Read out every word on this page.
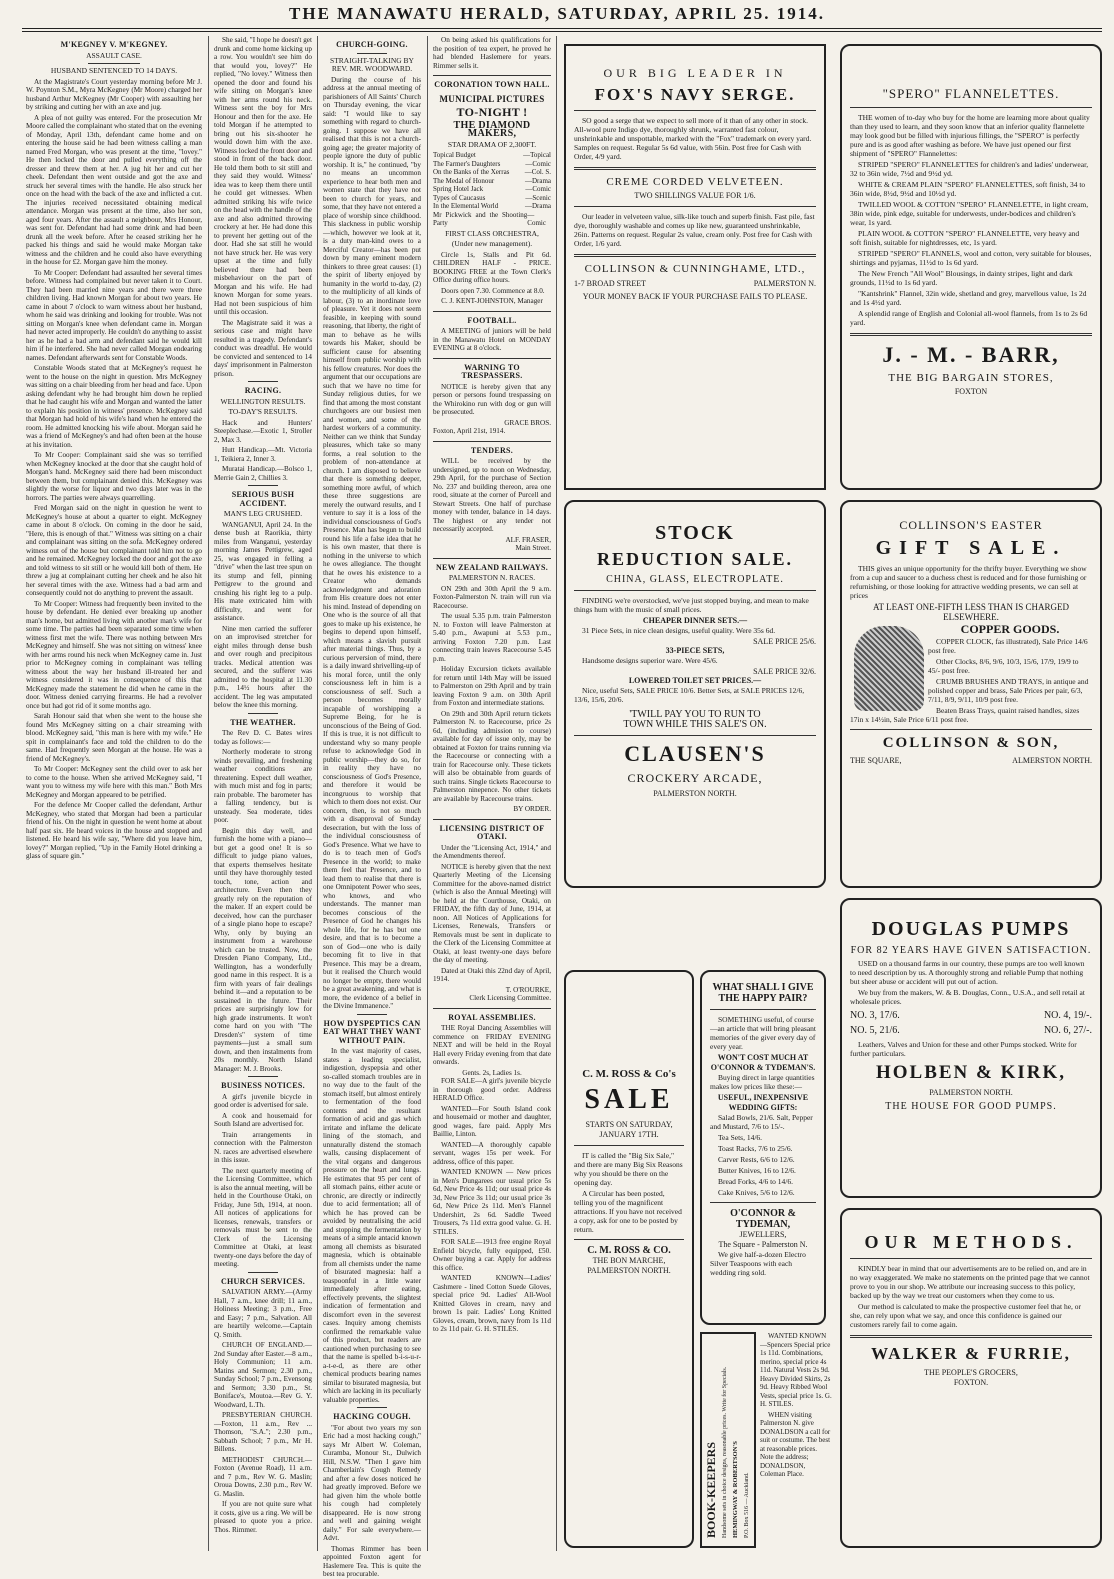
THE MANAWATU HERALD, SATURDAY, APRIL 25. 1914.
M'KEGNEY V. M'KEGNEY.
ASSAULT CASE.
HUSBAND SENTENCED TO 14 DAYS.

At the Magistrate's Court yesterday morning before Mr J. W. Poynton S.M., Myra McKegney (Mr Moore) charged her husband Arthur McKegney (Mr Cooper) with assaulting her by striking and cutting her with an axe and jug.

A plea of not guilty was entered. For the prosecution Mr Moore called the complainant who stated that on the evening of Monday, April 13th, defendant came home and on entering the house said he had been witness calling a man named Fred Morgan, who was present at the time, "lovey." He then locked the door and pulled everything off the dresser and threw them at her. A jug hit her and cut her cheek. Defendant then went outside and got the axe and struck her several times with the handle. He also struck her once on the head with the back of the axe and inflicted a cut. The injuries received necessitated obtaining medical attendance. Morgan was present at the time, also her son, aged four years. After the assault a neighbour, Mrs Honour, was sent for. Defendant had had some drink and had been drunk all the week before. After he ceased striking her he packed his things and said he would make Morgan take witness and the children and he could also have everything in the house for £2. Morgan gave him the money.

To Mr Cooper: Defendant had assaulted her several times before. Witness had complained but never taken it to Court. They had been married nine years and there were three children living. Had known Morgan for about two years. He came in about 7 o'clock to warn witness about her husband, whom he said was drinking and looking for trouble. Was not sitting on Morgan's knee when defendant came in. Morgan had never acted improperly. He couldn't do anything to assist her as he had a bad arm and defendant said he would kill him if he interfered. She had never called Morgan endearing names. Defendant afterwards sent for Constable Woods.

Constable Woods stated that at McKegney's request he went to the house on the night in question. Mrs McKegney was sitting on a chair bleeding from her head and face. Upon asking defendant why he had brought him down he replied that he had caught his wife and Morgan and wanted the latter to explain his position in witness' presence. McKegney said that Morgan had hold of his wife's hand when he entered the room. He admitted knocking his wife about. Morgan said he was a friend of McKegney's and had often been at the house at his invitation.

To Mr Cooper: Complainant said she was so terrified when McKegney knocked at the door that she caught hold of Morgan's hand. McKegney said there had been misconduct between them, but complainant denied this. McKegney was slightly the worse for liquor and two days later was in the horrors. The parties were always quarrelling.

Fred Morgan said on the night in question he went to McKegney's house at about a quarter to eight. McKegney came in about 8 o'clock. On coming in the door he said, "Here, this is enough of that." Witness was sitting on a chair and complainant was sitting on the sofa. McKegney ordered witness out of the house but complainant told him not to go and he remained. McKegney locked the door and got the axe and told witness to sit still or he would kill both of them. He threw a jug at complainant cutting her cheek and he also hit her several times with the axe. Witness had a bad arm and consequently could not do anything to prevent the assault.

To Mr Cooper: Witness had frequently been invited to the house by defendant. He denied ever breaking up another man's home, but admitted living with another man's wife for some time. The parties had been separated some time when witness first met the wife. There was nothing between Mrs McKegney and himself. She was not sitting on witness' knee with her arms round his neck when McKegney came in. Just prior to McKegney coming in complainant was telling witness about the way her husband ill-treated her and witness considered it was in consequence of this that McKegney made the statement he did when he came in the door. Witness denied carrying firearms. He had a revolver once but had got rid of it some months ago.

Sarah Honour said that when she went to the house she found Mrs McKegney sitting on a chair streaming with blood. McKegney said, "this man is here with my wife." He spit in complainant's face and told the children to do the same. Had frequently seen Morgan at the house. He was a friend of McKegney's.

To Mr Cooper: McKegney sent the child over to ask her to come to the house. When she arrived McKegney said, "I want you to witness my wife here with this man." Both Mrs McKegney and Morgan appeared to be petrified.

For the defence Mr Cooper called the defendant, Arthur McKegney, who stated that Morgan had been a particular friend of his. On the night in question he went home at about half past six. He heard voices in the house and stopped and listened. He heard his wife say, "Where did you leave him, lovey?" Morgan replied, "Up in the Family Hotel drinking a glass of square gin."

She said, "I hope he doesn't get drunk and come home kicking up a row. You wouldn't see him do that would you, lovey?" He replied, "No lovey." Witness then opened the door and found his wife sitting on Morgan's knee with her arms round his neck. Witness sent the boy for Mrs Honour and then for the axe. He told Morgan if he attempted to bring out his six-shooter he would down him with the axe. Witness locked the front door and stood in front of the back door. He told them both to sit still and they said they would. Witness' idea was to keep them there until he could get witnesses. When admitted striking his wife twice on the head with the handle of the axe and also admitted throwing crockery at her. He had done this to prevent her getting out of the door. Had she sat still he would not have struck her. He was very upset at the time and fully believed there had been misbehaviour on the part of Morgan and his wife. He had known Morgan for some years. Had not been suspicious of him until this occasion.

The Magistrate said it was a serious case and might have resulted in a tragedy. Defendant's conduct was dreadful. He would be convicted and sentenced to 14 days' imprisonment in Palmerston prison.

RACING.
WELLINGTON RESULTS.
TO-DAY'S RESULTS.

Hack and Hunters' Steeplechase.—Exotic 1, Stroller 2, Max 3.

Hutt Handicap.—Mt. Victoria 1, Teikiera 2, Inner 3.

Muratai Handicap.—Bolsco 1, Merrie Gain 2, Chillies 3.

SERIOUS BUSH ACCIDENT.
MAN'S LEG CRUSHED.

WANGANUI, April 24. In the dense bush at Raorikia, thirty miles from Wanganui, yesterday morning James Pettigrew, aged 25, was engaged in felling a "drive" when the last tree spun on its stump and fell, pinning Pettigrew to the ground and crushing his right leg to a pulp. His mate extricated him with difficulty, and went for assistance.

Nine men carried the sufferer on an improvised stretcher for eight miles through dense bush and over rough and precipitous tracks. Medical attention was secured, and the sufferer was admitted to the hospital at 11.30 p.m., 14½ hours after the accident. The leg was amputated below the knee this morning.

THE WEATHER.

The Rev D. C. Bates wires today as follows:—

Northerly moderate to strong winds prevailing, and freshening weather conditions are threatening. Expect dull weather, with much mist and fog in parts; rain probable. The barometer has a falling tendency, but is unsteady. Sea moderate, tides poor.

Begin this day well, and furnish the home with a piano—but get a good one! It is so difficult to judge piano values, that experts themselves hesitate until they have thoroughly tested touch, tone, action and architecture. Even then they greatly rely on the reputation of the maker. If an expert could be deceived, how can the purchaser of a single piano hope to escape? Why, only by buying an instrument from a warehouse which can be trusted. Now, the Dresden Piano Company, Ltd., Wellington, has a wonderfully good name in this respect. It is a firm with years of fair dealings behind it—and a reputation to be sustained in the future. Their prices are surprisingly low for high grade instruments. It won't come hard on you with "The Dresden's" system of time payments—just a small sum down, and then instalments from 20s monthly. North Island Manager: M. J. Brooks.

BUSINESS NOTICES.

A girl's juvenile bicycle in good order is advertised for sale.

A cook and housemaid for South Island are advertised for.

Train arrangements in connection with the Palmerston N. races are advertised elsewhere in this issue.

The next quarterly meeting of the Licensing Committee, which is also the annual meeting, will be held in the Courthouse Otaki, on Friday, June 5th, 1914, at noon. All notices of applications for licenses, renewals, transfers or removals must be sent to the Clerk of the Licensing Committee at Otaki, at least twenty-one days before the day of meeting.

CHURCH SERVICES.

SALVATION ARMY.—(Army Hall, 7 a.m., knee drill; 11 a.m., Holiness Meeting; 3 p.m., Free and Easy; 7 p.m., Salvation. All are heartily welcome.—Captain Q. Smith.

CHURCH OF ENGLAND.—2nd Sunday after Easter.—8 a.m., Holy Communion; 11 a.m. Matins and Sermon; 2.30 p.m., Sunday School; 7 p.m., Evensong and Sermon; 3.30 p.m., St. Boniface's, Moutoa.—Rev G. Y. Woodward, L.Th.

PRESBYTERIAN CHURCH.—Foxton, 11 a.m., Rev ... Thomson, "S.A."; 2.30 p.m., Sabbath School; 7 p.m., Mr H. Billens.

METHODIST CHURCH.—Foxton (Avenue Road), 11 a.m. and 7 p.m., Rev W. G. Maslin; Oroua Downs, 2.30 p.m., Rev W. G. Maslin.

If you are not quite sure what it costs, give us a ring. We will be pleased to quote you a price. Thos. Rimmer.

CHURCH-GOING.
STRAIGHT-TALKING BY REV. MR. WOODWARD.

During the course of his address at the annual meeting of parishioners of All Saints' Church on Thursday evening, the vicar said: "I would like to say something with regard to church-going. I suppose we have all realised that this is not a church-going age; the greater majority of people ignore the duty of public worship. It is," he continued, "by no means an uncommon experience to hear both men and women state that they have not been to church for years, and some, that they have not entered a place of worship since childhood. This slackness in public worship—which, however we look at it, is a duty man-kind owes to a Merciful Creator—has been put down by many eminent modern thinkers to three great causes: (1) the spirit of liberty enjoyed by humanity in the world to-day, (2) to the multiplicity of all kinds of labour, (3) to an inordinate love of pleasure. Yet it does not seem feasible, in keeping with sound reasoning, that liberty, the right of man to behave as he wills towards his Maker, should be sufficient cause for absenting himself from public worship with his fellow creatures. Nor does the argument that our occupations are such that we have no time for Sunday religious duties, for we find that among the most constant churchgoers are our busiest men and women, and some of the hardest workers of a community. Neither can we think that Sunday pleasures, which take so many forms, a real solution to the problem of non-attendance at church. I am disposed to believe that there is something deeper, something more awful, of which these three suggestions are merely the outward results, and I venture to say it is a loss of the individual consciousness of God's Presence. Man has begun to build round his life a false idea that he is his own master, that there is nothing in the universe to which he owes allegiance. The thought that he owes his existence to a Creator who demands acknowledgment and adoration from His creature does not enter his mind. Instead of depending on One who is the source of all that goes to make up his existence, he begins to depend upon himself, which means a slavish pursuit after material things. Thus, by a curious perversion of mind, there is a daily inward shrivelling-up of his moral force, until the only consciousness left in him is a consciousness of self. Such a person becomes morally incapable of worshipping a Supreme Being, for he is unconscious of the Being of God. If this is true, it is not difficult to understand why so many people refuse to acknowledge God in public worship—they do so, for in reality they have no consciousness of God's Presence, and therefore it would be incongruous to worship that which to them does not exist. Our concern, then, is not so much with a disapproval of Sunday desecration, but with the loss of the individual consciousness of God's Presence. What we have to do is to teach men of God's Presence in the world; to make them feel that Presence, and to lead them to realise that there is one Omnipotent Power who sees, who knows, and who understands. The manner man becomes conscious of the Presence of God he changes his whole life, for he has but one desire, and that is to become a son of God—one who is daily becoming fit to live in that Presence. This may be a dream, but it realised the Church would no longer be empty, there would be a great awakening, and what is more, the evidence of a belief in the Divine Immanence."

HOW DYSPEPTICS CAN EAT WHAT THEY WANT WITHOUT PAIN.

In the vast majority of cases, states a leading specialist, indigestion, dyspepsia and other so-called stomach troubles are in no way due to the fault of the stomach itself, but almost entirely to fermentation of the food contents and the resultant formation of acid and gas which irritate and inflame the delicate lining of the stomach, and unnaturally distend the stomach walls, causing displacement of the vital organs and dangerous pressure on the heart and lungs. He estimates that 95 per cent of all stomach pains, either acute or chronic, are directly or indirectly due to acid fermentation; all of which he has proved can be avoided by neutralising the acid and stopping the fermentation by means of a simple antacid known among all chemists as bisurated magnesia, which is obtainable from all chemists under the name of bisurated magnesia: half a teaspoonful in a little water immediately after eating, effectively prevents, the slightest indication of fermentation and discomfort even in the severest cases. Inquiry among chemists confirmed the remarkable value of this product, but readers are cautioned when purchasing to see that the name is spelled b-i-s-u-r-a-t-e-d, as there are other chemical products bearing names similar to bisurated magnesia, but which are lacking in its peculiarly valuable properties.

HACKING COUGH.

"For about two years my son Eric had a most hacking cough," says Mr Albert W. Coleman, Curamba, Monour St., Dulwich Hill, N.S.W. "Then I gave him Chamberlain's Cough Remedy and after a few doses noticed he had greatly improved. Before we had given him the whole bottle his cough had completely disappeared. He is now strong and well and gaining weight daily." For sale everywhere.—Advt.

Thomas Rimmer has been appointed Foxton agent for Haslemere Tea. This is quite the best tea procurable.

On being asked his qualifications for the position of tea expert, he proved he had blended Haslemere for years. Rimmer sells it.

CORONATION TOWN HALL.
MUNICIPAL PICTURES
TO-NIGHT !
THE DIAMOND MAKERS,
STAR DRAMA OF 2,300FT.
Topical Budget	—Topical
The Farmer's Daughters	—Comic
On the Banks of the Xerras —Col. S.
The Medal of Honour	—Drama
Spring Hotel Jack	—Comic
Types of Caucasus	—Scenic
In the Elemental World	—Drama
Mr Pickwick and the Shooting Party
—Comic
FIRST CLASS ORCHESTRA,
(Under new management).

Circle 1s, Stalls and Pit 6d. CHILDREN HALF - PRICE. BOOKING FREE at the Town Clerk's Office during office hours.

Doors open 7.30. Commence at 8.0.

C. J. KENT-JOHNSTON, Manager
FOOTBALL.

A MEETING of juniors will be held in the Manawatu Hotel on MONDAY EVENING at 8 o'clock.

WARNING TO TRESPASSERS.

NOTICE is hereby given that any person or persons found trespassing on the Whirokino run with dog or gun will be prosecuted.

GRACE BROS.
Foxton, April 21st, 1914.
TENDERS.

WILL be received by the undersigned, up to noon on Wednesday, 29th April, for the purchase of Section No. 237 and building thereon, area one rood, situate at the corner of Purcell and Stewart Streets. One half of purchase money with tender, balance in 14 days. The highest or any tender not necessarily accepted.

ALF. FRASER,
Main Street.
NEW ZEALAND RAILWAYS.
PALMERSTON N. RACES.

ON 29th and 30th April the 9 a.m. Foxton-Palmerston N. train will run via Racecourse.

The usual 5.35 p.m. train Palmerston N. to Foxton will leave Palmerston at 5.40 p.m., Awapuni at 5.53 p.m., arriving Foxton 7.20 p.m. Last connecting train leaves Racecourse 5.45 p.m.

Holiday Excursion tickets available for return until 14th May will be issued to Palmerston on 29th April and by train leaving Foxton 9 a.m. on 30th April from Foxton and intermediate stations.

On 29th and 30th April return tickets Palmerston N. to Racecourse, price 2s 6d, (including admission to course) available for day of issue only, may be obtained at Foxton for trains running via the Racecourse or connecting with a train for Racecourse only. These tickets will also be obtainable from guards of such trains. Single tickets Racecourse to Palmerston ninepence. No other tickets are available by Racecourse trains.

BY ORDER.
LICENSING DISTRICT OF OTAKI.

Under the "Licensing Act, 1914," and the Amendments thereof.

NOTICE is hereby given that the next Quarterly Meeting of the Licensing Committee for the above-named district (which is also the Annual Meeting) will be held at the Courthouse, Otaki, on FRIDAY, the fifth day of June, 1914, at noon. All Notices of Applications for Licenses, Renewals, Transfers or Removals must be sent in duplicate to the Clerk of the Licensing Committee at Otaki, at least twenty-one days before the day of meeting.

Dated at Otaki this 22nd day of April, 1914.

T. O'ROURKE,
Clerk Licensing Committee.
ROYAL ASSEMBLIES.

THE Royal Dancing Assemblies will commence on FRIDAY EVENING NEXT and will be held in the Royal Hall every Friday evening from that date onwards.

Gents. 2s, Ladies 1s.

FOR SALE—A girl's juvenile bicycle in thorough good order. Address HERALD Office.

WANTED—For South Island cook and housemaid or mother and daughter, good wages, fare paid. Apply Mrs Baillie, Linton.

WANTED—A thoroughly capable servant, wages 15s per week. For address, office of this paper.

WANTED KNOWN — New prices in Men's Dungarees our usual price 5s 6d, New Price 4s 11d; our usual price 4s 3d, New Price 3s 11d; our usual price 3s 6d, New Price 2s 11d. Men's Flannel Undershirt, 2s 6d. Saddle Tweed Trousers, 7s 11d extra good value. G. H. STILES.

FOR SALE—1913 free engine Royal Enfield bicycle, fully equipped, £50. Owner buying a car. Apply for address this office.

WANTED KNOWN—Ladies' Cashmere - lined Cotton Suede Gloves, special price 9d. Ladies' All-Wool Knitted Gloves in cream, navy and brown 1s pair. Ladies' Long Knitted Gloves, cream, brown, navy from 1s 11d to 2s 11d pair. G. H. STILES.

OUR BIG LEADER IN
FOX'S NAVY SERGE.

SO good a serge that we expect to sell more of it than of any other in stock. All-wool pure Indigo dye, thoroughly shrunk, warranted fast colour, unshrinkable and unspottable, marked with the "Fox" trademark on every yard. Samples on request. Regular 5s 6d value, with 56in. Post free for Cash with Order, 4/9 yard.

CREME CORDED VELVETEEN.
TWO SHILLINGS VALUE FOR 1/6.

Our leader in velveteen value, silk-like touch and superb finish. Fast pile, fast dye, thoroughly washable and comes up like new, guaranteed unshrinkable, 26in. Patterns on request. Regular 2s value, cream only. Post free for Cash with Order, 1/6 yard.

COLLINSON & CUNNINGHAME, LTD.,
1-7 BROAD STREET	PALMERSTON N.
YOUR MONEY BACK IF YOUR PURCHASE FAILS TO PLEASE.
"SPERO" FLANNELETTES.

THE women of to-day who buy for the home are learning more about quality than they used to learn, and they soon know that an inferior quality flannelette may look good but be filled with injurious fillings, the "SPERO" is perfectly pure and is as good after washing as before. We have just opened our first shipment of "SPERO" Flannelettes:

STRIPED "SPERO" FLANNELETTES for children's and ladies' underwear, 32 to 36in wide, 7½d and 9½d yd.

WHITE & CREAM PLAIN "SPERO" FLANNELETTES, soft finish, 34 to 36in wide, 8½d, 9½d and 10½d yd.

TWILLED WOOL & COTTON "SPERO" FLANNELETTE, in light cream, 38in wide, pink edge, suitable for underwests, under-bodices and children's wear, 1s yard.

PLAIN WOOL & COTTON "SPERO" FLANNELETTE, very heavy and soft finish, suitable for nightdresses, etc, 1s yard.

STRIPED "SPERO" FLANNELS, wool and cotton, very suitable for blouses, shirtings and pyjamas, 11½d to 1s 6d yard.

The New French "All Wool" Blousings, in dainty stripes, light and dark grounds, 11½d to 1s 6d yard.

"Kantshrink" Flannel, 32in wide, shetland and grey, marvellous value, 1s 2d and 1s 4½d yard.

A splendid range of English and Colonial all-wool flannels, from 1s to 2s 6d yard.

J. - M. - BARR,
THE BIG BARGAIN STORES,
FOXTON
STOCK
REDUCTION SALE.
CHINA, GLASS, ELECTROPLATE.

FINDING we're overstocked, we've just stopped buying, and mean to make things hum with the music of small prices.

CHEAPER DINNER SETS.—

31 Piece Sets, in nice clean designs, useful quality. Were 35s 6d.

SALE PRICE 25/6.
33-PIECE SETS,

Handsome designs superior ware. Were 45/6.

SALE PRICE 32/6.
LOWERED TOILET SET PRICES.—

Nice, useful Sets, SALE PRICE 10/6. Better Sets, at SALE PRICES 12/6, 13/6, 15/6, 20/6.

'TWILL PAY YOU TO RUN TO
TOWN WHILE THIS SALE'S ON.
CLAUSEN'S
CROCKERY ARCADE,
PALMERSTON NORTH.
COLLINSON'S EASTER
GIFT SALE.

THIS gives an unique opportunity for the thrifty buyer. Everything we show from a cup and saucer to a duchess chest is reduced and for those furnishing or refurnishing, or those looking for attractive wedding presents, we can sell at prices

AT LEAST ONE-FIFTH LESS THAN IS CHARGED ELSEWHERE.
COPPER GOODS.

COPPER CLOCK, fas illustrated), Sale Price 14/6 post free.

Other Clocks, 8/6, 9/6, 10/3, 15/6, 17/9, 19/9 to 45/- post free.

CRUMB BRUSHES AND TRAYS, in antique and polished copper and brass, Sale Prices per pair, 6/3, 7/11, 8/9, 9/11, 10/9 post free.

Beaten Brass Trays, quaint raised handles, sizes 17in x 14½in, Sale Price 6/11 post free.

COLLINSON & SON,
THE SQUARE,	ALMERSTON NORTH.
DOUGLAS PUMPS
FOR 82 YEARS HAVE GIVEN SATISFACTION.

USED on a thousand farms in our country, these pumps are too well known to need description by us. A thoroughly strong and reliable Pump that nothing but sheer abuse or accident will put out of action.

We buy from the makers, W. & B. Douglas, Conn., U.S.A., and sell retail at wholesale prices.

NO. 3, 17/6.	NO. 4, 19/-.
NO. 5, 21/6.	NO. 6, 27/-.

Leathers, Valves and Union for these and other Pumps stocked. Write for further particulars.

HOLBEN & KIRK,
PALMERSTON NORTH.
THE HOUSE FOR GOOD PUMPS.
C. M. ROSS & Co's
SALE
STARTS ON SATURDAY, JANUARY 17TH.

IT is called the "Big Six Sale," and there are many Big Six Reasons why you should be there on the opening day.

A Circular has been posted, telling you of the magnificent attractions. If you have not received a copy, ask for one to be posted by return.

C. M. ROSS & CO.
THE BON MARCHE,
PALMERSTON NORTH.
WHAT SHALL I GIVE THE HAPPY PAIR?

SOMETHING useful, of course—an article that will bring pleasant memories of the giver every day of every year.

WON'T COST MUCH AT O'CONNOR & TYDEMAN'S.

Buying direct in large quantities makes low prices like these:—

USEFUL, INEXPENSIVE WEDDING GIFTS:

Salad Bowls, 21/6. Salt, Pepper and Mustard, 7/6 to 15/-.

Tea Sets, 14/6.

Toast Racks, 7/6 to 25/6.

Carver Rests, 6/6 to 12/6.

Butter Knives, 16 to 12/6.

Bread Forks, 4/6 to 14/6.

Cake Knives, 5/6 to 12/6.

O'CONNOR & TYDEMAN,
JEWELLERS,
The Square - Palmerston N.

We give half-a-dozen Electro Silver Teaspoons with each wedding ring sold.

WANTED KNOWN—Spencers Special price 1s 11d. Combinations, merino, special price 4s 11d. Natural Vests 2s 9d. Heavy Divided Skirts, 2s 9d. Heavy Ribbed Wool Vests, special price 1s. G. H. STILES.

WHEN visiting Palmerston N. give DONALDSON a call for suit or costume. The best at reasonable prices. Note the address; DONALDSON, Coleman Place.

BOOK-KEEPERS Handsome sets in choice designs, reasonable prices. Write for Specials. HEMINGWAY & ROBERTSON'S P.O. Box 516 — Auckland.
OUR METHODS.

KINDLY bear in mind that our advertisements are to be relied on, and are in no way exaggerated. We make no statements on the printed page that we cannot prove to you in our shop. We attribute our increasing success to this policy, backed up by the way we treat our customers when they come to us.

Our method is calculated to make the prospective customer feel that he, or she, can rely upon what we say, and once this confidence is gained our customers rarely fail to come again.

WALKER & FURRIE,
THE PEOPLE'S GROCERS,
FOXTON.
